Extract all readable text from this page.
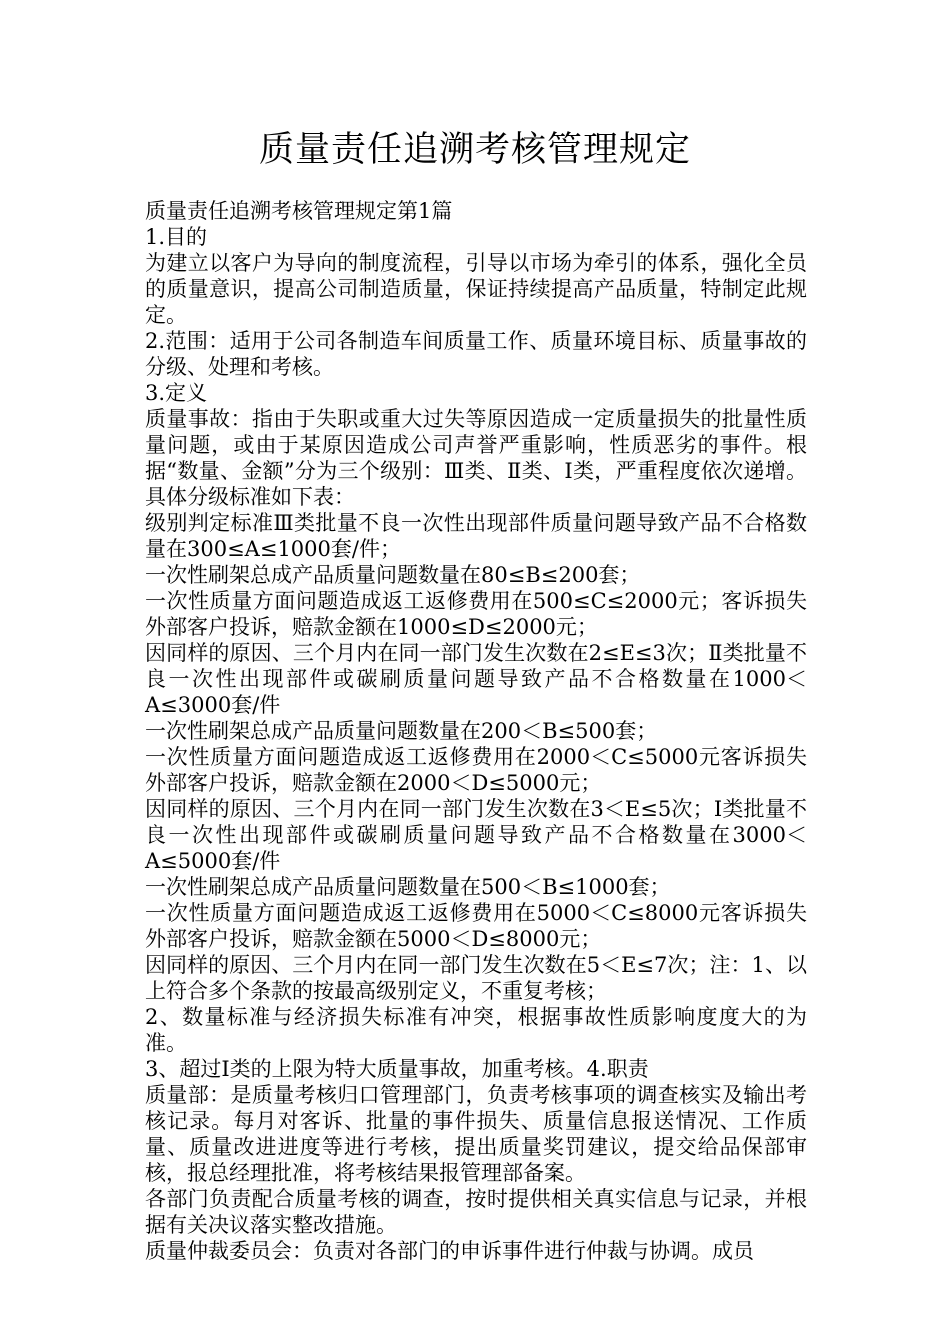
质量责任追溯考核管理规定

质量责任追溯考核管理规定第1篇

1.目的

为建立以客户为导向的制度流程，引导以市场为牵引的体系，强化全员的质量意识，提高公司制造质量，保证持续提高产品质量，特制定此规定。

2.范围：适用于公司各制造车间质量工作、质量环境目标、质量事故的分级、处理和考核。

3.定义

质量事故：指由于失职或重大过失等原因造成一定质量损失的批量性质量问题，或由于某原因造成公司声誉严重影响，性质恶劣的事件。根据“数量、金额”分为三个级别：Ⅲ类、Ⅱ类、Ⅰ类，严重程度依次递增。具体分级标准如下表：

级别判定标准Ⅲ类批量不良一次性出现部件质量问题导致产品不合格数量在300≤A≤1000套/件；

一次性刷架总成产品质量问题数量在80≤B≤200套；

一次性质量方面问题造成返工返修费用在500≤C≤2000元；客诉损失外部客户投诉，赔款金额在1000≤D≤2000元；

因同样的原因、三个月内在同一部门发生次数在2≤E≤3次；Ⅱ类批量不良一次性出现部件或碳刷质量问题导致产品不合格数量在1000＜A≤3000套/件

一次性刷架总成产品质量问题数量在200＜B≤500套；

一次性质量方面问题造成返工返修费用在2000＜C≤5000元客诉损失外部客户投诉，赔款金额在2000＜D≤5000元；

因同样的原因、三个月内在同一部门发生次数在3＜E≤5次；Ⅰ类批量不良一次性出现部件或碳刷质量问题导致产品不合格数量在3000＜A≤5000套/件

一次性刷架总成产品质量问题数量在500＜B≤1000套；

一次性质量方面问题造成返工返修费用在5000＜C≤8000元客诉损失外部客户投诉，赔款金额在5000＜D≤8000元；

因同样的原因、三个月内在同一部门发生次数在5＜E≤7次；注：1、以上符合多个条款的按最高级别定义，不重复考核；

2、数量标准与经济损失标准有冲突，根据事故性质影响度度大的为准。

3、超过Ⅰ类的上限为特大质量事故，加重考核。4.职责

质量部：是质量考核归口管理部门，负责考核事项的调查核实及输出考核记录。每月对客诉、批量的事件损失、质量信息报送情况、工作质量、质量改进进度等进行考核，提出质量奖罚建议，提交给品保部审核，报总经理批准，将考核结果报管理部备案。

各部门负责配合质量考核的调查，按时提供相关真实信息与记录，并根据有关决议落实整改措施。

质量仲裁委员会：负责对各部门的申诉事件进行仲裁与协调。成员
